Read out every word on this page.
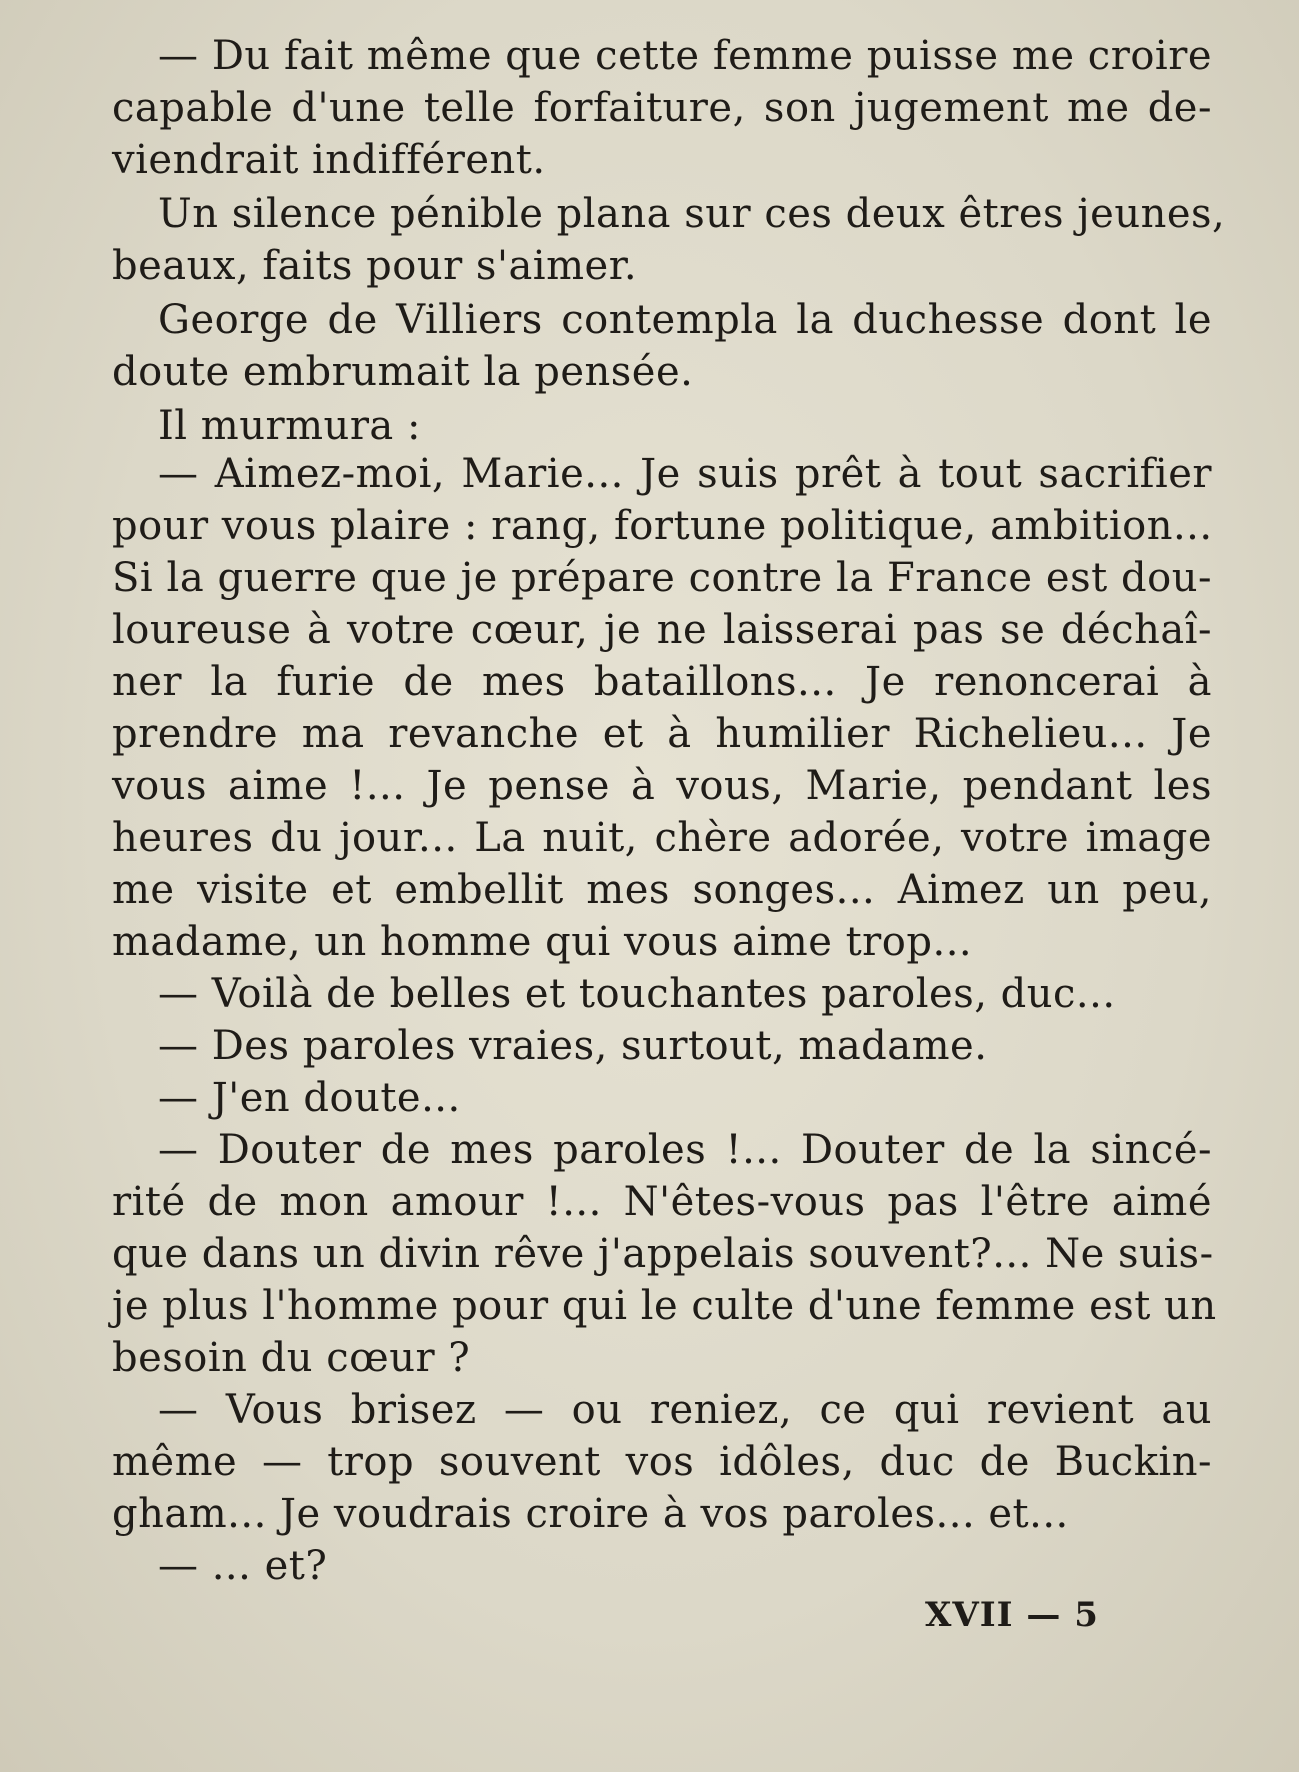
— Du fait même que cette femme puisse me croire
capable d'une telle forfaiture, son jugement me de-
viendrait indifférent.
Un silence pénible plana sur ces deux êtres jeunes,
beaux, faits pour s'aimer.
George de Villiers contempla la duchesse dont le
doute embrumait la pensée.
Il murmura :
— Aimez-moi, Marie... Je suis prêt à tout sacrifier
pour vous plaire : rang, fortune politique, ambition...
Si la guerre que je prépare contre la France est dou-
loureuse à votre cœur, je ne laisserai pas se déchaî-
ner la furie de mes bataillons... Je renoncerai à
prendre ma revanche et à humilier Richelieu... Je
vous aime !... Je pense à vous, Marie, pendant les
heures du jour... La nuit, chère adorée, votre image
me visite et embellit mes songes... Aimez un peu,
madame, un homme qui vous aime trop...
— Voilà de belles et touchantes paroles, duc...
— Des paroles vraies, surtout, madame.
— J'en doute...
— Douter de mes paroles !... Douter de la sincé-
rité de mon amour !... N'êtes-vous pas l'être aimé
que dans un divin rêve j'appelais souvent?... Ne suis-
je plus l'homme pour qui le culte d'une femme est un
besoin du cœur ?
— Vous brisez — ou reniez, ce qui revient au
même — trop souvent vos idôles, duc de Buckin-
gham... Je voudrais croire à vos paroles... et...
— ... et?
XVII — 5
